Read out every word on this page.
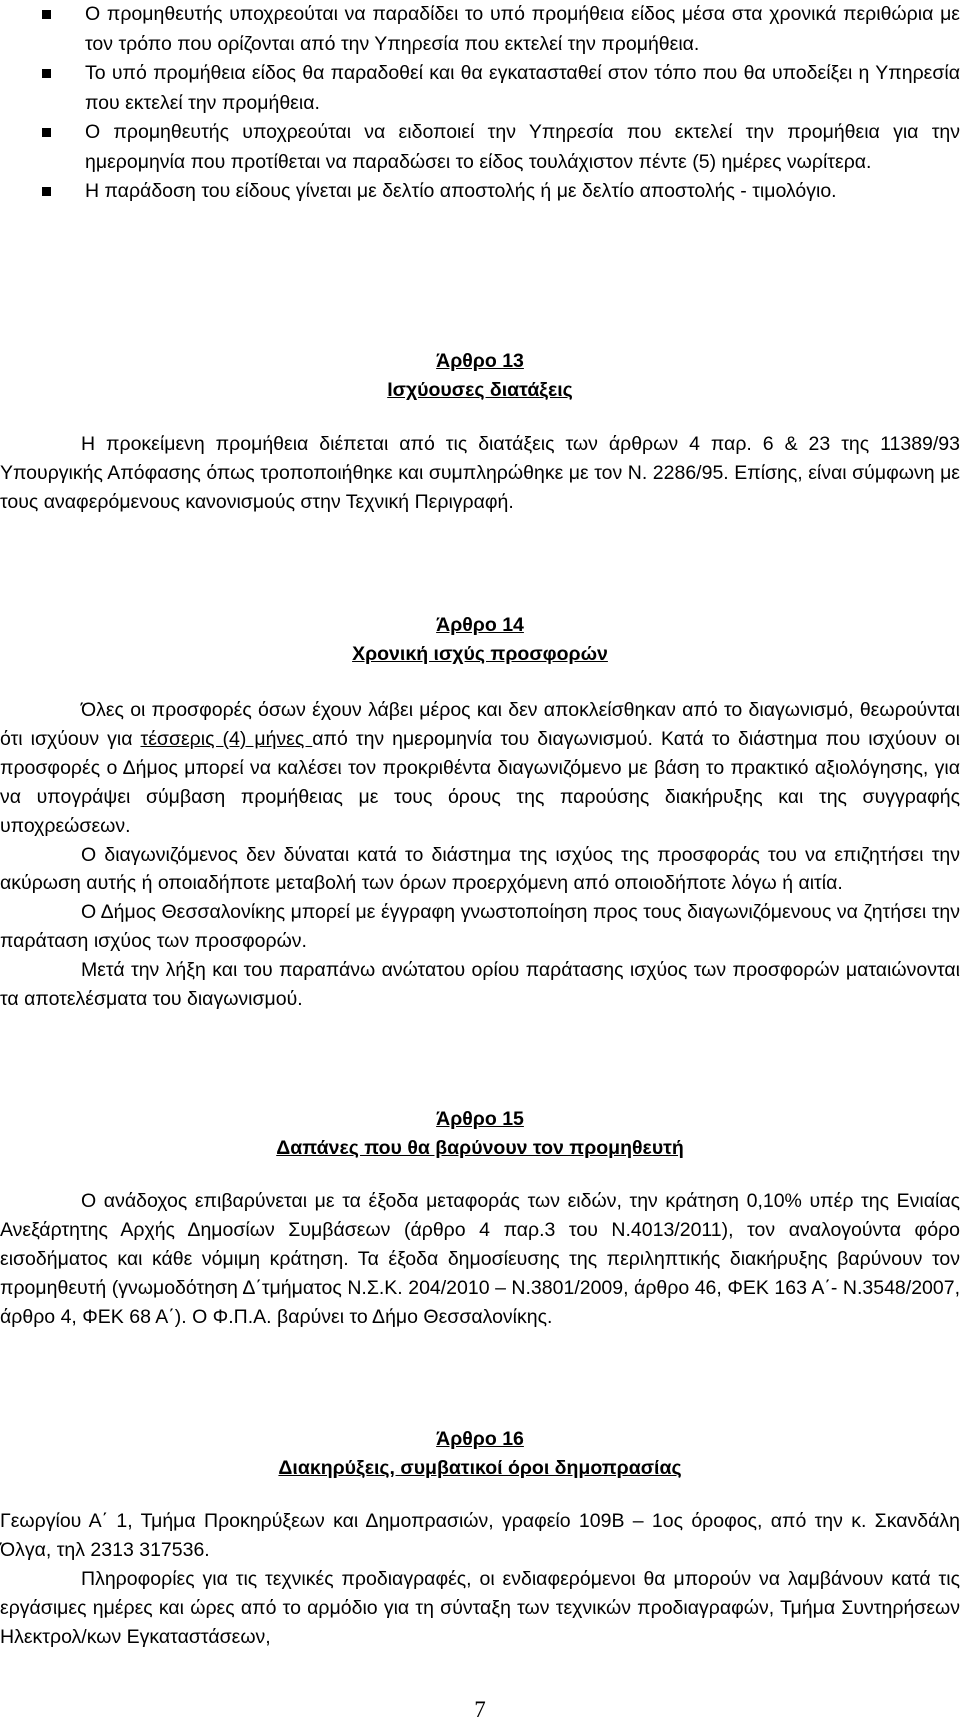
Ο προμηθευτής υποχρεούται να παραδίδει το υπό προμήθεια είδος μέσα στα χρονικά περιθώρια με τον τρόπο που ορίζονται από την Υπηρεσία που εκτελεί την προμήθεια.
Το υπό προμήθεια είδος θα παραδοθεί και θα εγκατασταθεί στον τόπο που θα υποδείξει η Υπηρεσία που εκτελεί την προμήθεια.
Ο προμηθευτής υποχρεούται να ειδοποιεί την Υπηρεσία που εκτελεί την προμήθεια για την ημερομηνία που προτίθεται να παραδώσει το είδος τουλάχιστον πέντε (5) ημέρες νωρίτερα.
Η παράδοση του είδους γίνεται με δελτίο αποστολής ή με δελτίο αποστολής - τιμολόγιο.

Άρθρο 13

Ισχύουσες διατάξεις

Η προκείμενη προμήθεια διέπεται από τις διατάξεις των άρθρων 4 παρ. 6 & 23 της 11389/93 Υπουργικής Απόφασης όπως τροποποιήθηκε και συμπληρώθηκε με τον Ν. 2286/95. Επίσης, είναι σύμφωνη με τους αναφερόμενους κανονισμούς στην Τεχνική Περιγραφή.

Άρθρο 14

Χρονική ισχύς προσφορών

Όλες οι προσφορές όσων έχουν λάβει μέρος και δεν αποκλείσθηκαν από το διαγωνισμό, θεωρούνται ότι ισχύουν για τέσσερις (4) μήνες από την ημερομηνία του διαγωνισμού. Κατά το διάστημα που ισχύουν οι προσφορές ο Δήμος μπορεί να καλέσει τον προκριθέντα διαγωνιζόμενο με βάση το πρακτικό αξιολόγησης, για να υπογράψει σύμβαση προμήθειας με τους όρους της παρούσης διακήρυξης και της συγγραφής υποχρεώσεων.

Ο διαγωνιζόμενος δεν δύναται κατά το διάστημα της ισχύος της προσφοράς του να επιζητήσει την ακύρωση αυτής ή οποιαδήποτε μεταβολή των όρων προερχόμενη από οποιοδήποτε λόγω ή αιτία.

Ο Δήμος Θεσσαλονίκης μπορεί με έγγραφη γνωστοποίηση προς τους διαγωνιζόμενους να ζητήσει την παράταση ισχύος των προσφορών.

Μετά την λήξη και του παραπάνω ανώτατου ορίου παράτασης ισχύος των προσφορών ματαιώνονται τα αποτελέσματα του διαγωνισμού.

Άρθρο 15

Δαπάνες που θα βαρύνουν τον προμηθευτή

Ο ανάδοχος επιβαρύνεται με τα έξοδα μεταφοράς των ειδών, την κράτηση 0,10% υπέρ της Ενιαίας Ανεξάρτητης Αρχής Δημοσίων Συμβάσεων (άρθρο 4 παρ.3 του Ν.4013/2011), τον αναλογούντα φόρο εισοδήματος και κάθε νόμιμη κράτηση. Τα έξοδα δημοσίευσης της περιληπτικής διακήρυξης βαρύνουν τον προμηθευτή (γνωμοδότηση Δ΄τμήματος Ν.Σ.Κ. 204/2010 – Ν.3801/2009, άρθρο 46, ΦΕΚ 163 Α΄- Ν.3548/2007, άρθρο 4, ΦΕΚ 68 Α΄). Ο Φ.Π.Α. βαρύνει το Δήμο Θεσσαλονίκης.

Άρθρο 16

Διακηρύξεις, συμβατικοί όροι δημοπρασίας

Γεωργίου Α΄ 1, Τμήμα Προκηρύξεων και Δημοπρασιών, γραφείο 109Β – 1ος όροφος, από την κ. Σκανδάλη Όλγα, τηλ 2313 317536.

Πληροφορίες για τις τεχνικές προδιαγραφές, οι ενδιαφερόμενοι θα μπορούν να λαμβάνουν κατά τις εργάσιμες ημέρες και ώρες από το αρμόδιο για τη σύνταξη των τεχνικών προδιαγραφών, Τμήμα Συντηρήσεων Ηλεκτρολ/κων Εγκαταστάσεων,

7
